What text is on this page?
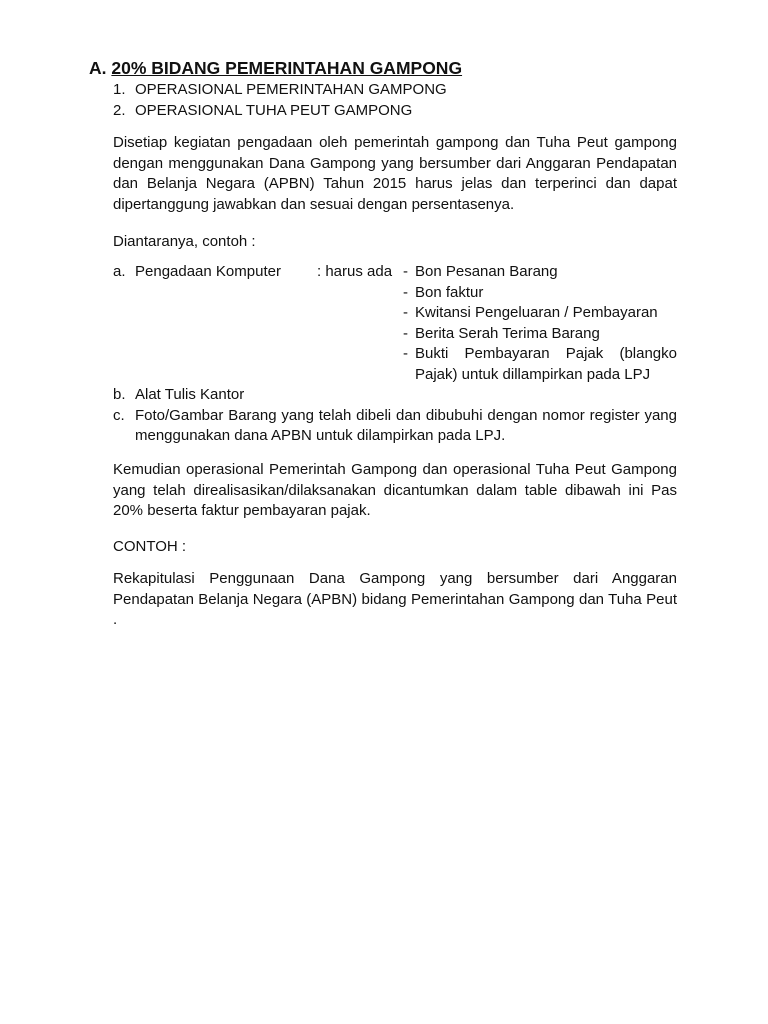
A. 20% BIDANG PEMERINTAHAN GAMPONG
1. OPERASIONAL PEMERINTAHAN GAMPONG
2. OPERASIONAL TUHA PEUT GAMPONG

Disetiap kegiatan pengadaan oleh pemerintah gampong dan Tuha Peut gampong dengan menggunakan Dana Gampong yang bersumber dari Anggaran Pendapatan dan Belanja Negara (APBN) Tahun 2015 harus jelas dan terperinci dan dapat dipertanggung jawabkan dan sesuai dengan persentasenya.

Diantaranya, contoh :

a. Pengadaan Komputer	: harus ada - Bon Pesanan Barang
- Bon faktur
- Kwitansi Pengeluaran / Pembayaran
- Berita Serah Terima Barang
- Bukti Pembayaran Pajak (blangko Pajak) untuk dillampirkan pada LPJ
b. Alat Tulis Kantor
c. Foto/Gambar Barang yang telah dibeli dan dibubuhi dengan nomor register yang menggunakan dana APBN untuk dilampirkan pada LPJ.

Kemudian operasional Pemerintah Gampong dan operasional Tuha Peut Gampong yang telah direalisasikan/dilaksanakan dicantumkan dalam table dibawah ini Pas 20% beserta faktur pembayaran pajak.

CONTOH :

Rekapitulasi Penggunaan Dana Gampong yang bersumber dari Anggaran Pendapatan Belanja Negara (APBN) bidang Pemerintahan Gampong dan Tuha Peut .
